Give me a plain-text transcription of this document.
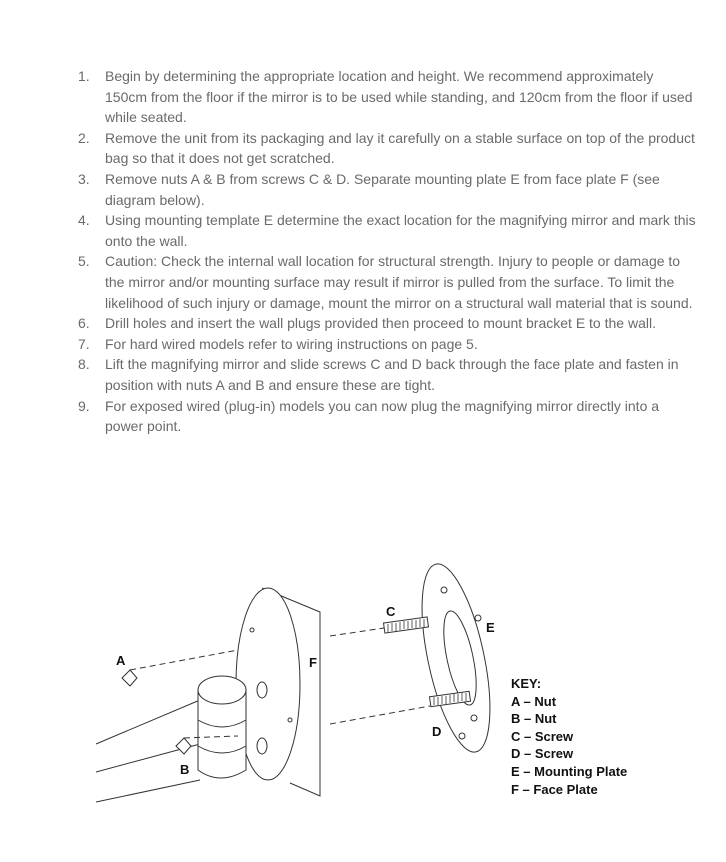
1. Begin by determining the appropriate location and height. We recommend approximately 150cm from the floor if the mirror is to be used while standing, and 120cm from the floor if used while seated.
2. Remove the unit from its packaging and lay it carefully on a stable surface on top of the product bag so that it does not get scratched.
3. Remove nuts A & B from screws C & D. Separate mounting plate E from face plate F (see diagram below).
4. Using mounting template E determine the exact location for the magnifying mirror and mark this onto the wall.
5. Caution: Check the internal wall location for structural strength. Injury to people or damage to the mirror and/or mounting surface may result if mirror is pulled from the surface. To limit the likelihood of such injury or damage, mount the mirror on a structural wall material that is sound.
6. Drill holes and insert the wall plugs provided then proceed to mount bracket E to the wall.
7. For hard wired models refer to wiring instructions on page 5.
8. Lift the magnifying mirror and slide screws C and D back through the face plate and fasten in position with nuts A and B and ensure these are tight.
9. For exposed wired (plug-in) models you can now plug the magnifying mirror directly into a power point.
A
B
C
D
E
F
KEY:
A – Nut
B – Nut
C – Screw
D – Screw
E – Mounting Plate
F – Face Plate
